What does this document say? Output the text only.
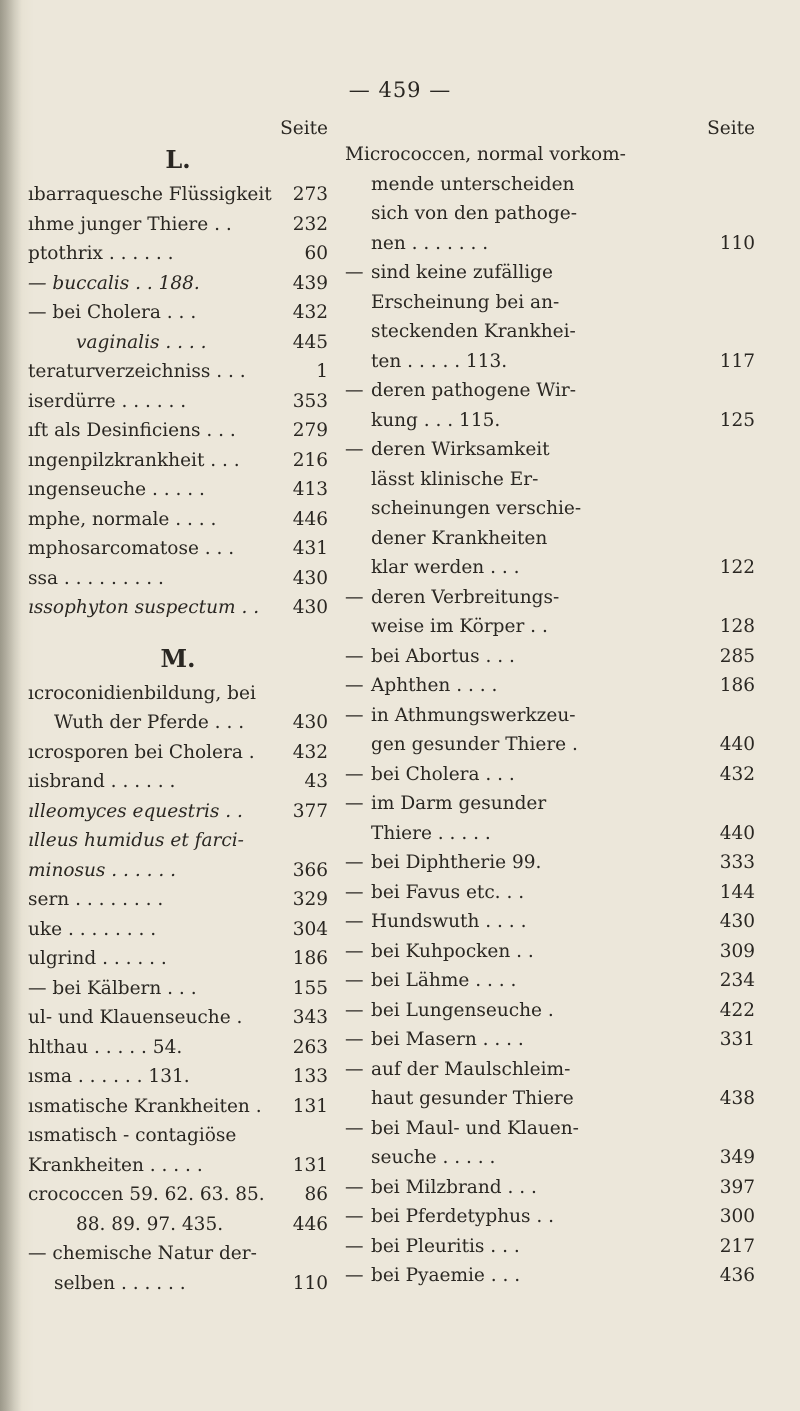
— 459 —
Seite
L.
ıbarraquesche Flüssigkeit	273
ıhme junger Thiere . .	232
ptothrix . . . . . .	60
— buccalis . . 188.	439
— bei Cholera . . .	432
vaginalis . . . .	445
teraturverzeichniss . . .	1
iserdürre . . . . . .	353
ıft als Desinficiens . . .	279
ıngenpilzkrankheit . . .	216
ıngenseuche . . . . .	413
mphe, normale . . . .	446
mphosarcomatose . . .	431
ssa . . . . . . . . .	430
ıssophyton suspectum . .	430
M.
ıcroconidienbildung, bei
Wuth der Pferde . . .	430
ıcrosporen bei Cholera .	432
ıisbrand . . . . . .	43
ılleomyces equestris . .	377
ılleus humidus et farci-
minosus . . . . . .	366
sern . . . . . . . .	329
uke . . . . . . . .	304
ulgrind . . . . . .	186
— bei Kälbern . . .	155
ul- und Klauenseuche .	343
hlthau . . . . . 54.	263
ısma . . . . . . 131.	133
ısmatische Krankheiten .	131
ısmatisch - contagiöse
Krankheiten . . . . .	131
crococcen 59. 62. 63. 85.	86
88. 89. 97. 435.	446
— chemische Natur der-
selben . . . . . .	110
Seite
Micrococcen, normal vorkom-
mende unterscheiden
sich von den pathoge-
nen . . . . . . .	110
— sind keine zufällige
Erscheinung bei an-
steckenden Krankhei-
ten . . . . . 113.	117
— deren pathogene Wir-
kung . . . 115.	125
— deren Wirksamkeit
lässt klinische Er-
scheinungen verschie-
dener Krankheiten
klar werden . . .	122
— deren Verbreitungs-
weise im Körper . .	128
— bei Abortus . . .	285
— Aphthen . . . .	186
— in Athmungswerkzeu-
gen gesunder Thiere .	440
— bei Cholera . . .	432
— im Darm gesunder
Thiere . . . . .	440
— bei Diphtherie 99.	333
— bei Favus etc. . .	144
— Hundswuth . . . .	430
— bei Kuhpocken . .	309
— bei Lähme . . . .	234
— bei Lungenseuche .	422
— bei Masern . . . .	331
— auf der Maulschleim-
haut gesunder Thiere	438
— bei Maul- und Klauen-
seuche . . . . .	349
— bei Milzbrand . . .	397
— bei Pferdetyphus . .	300
— bei Pleuritis . . .	217
— bei Pyaemie . . .	436
